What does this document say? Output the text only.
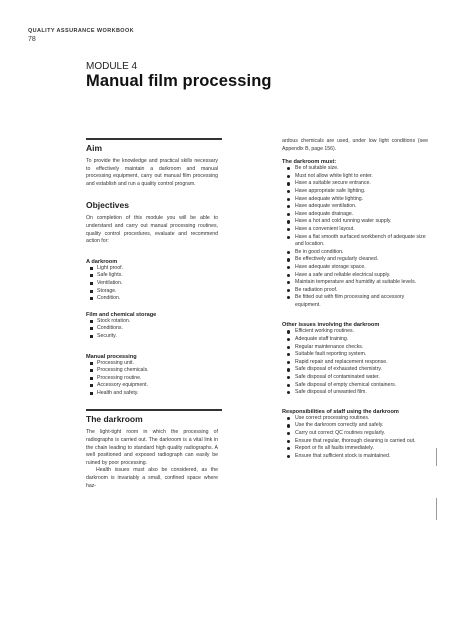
QUALITY ASSURANCE WORKBOOK
78
MODULE 4
Manual film processing
Aim

To provide the knowledge and practical skills necessary to effectively maintain a darkroom and manual processing equipment, carry out manual film processing and establish and run a quality control program.

Objectives

On completion of this module you will be able to understand and carry out manual processing routines, quality control procedures, evaluate and recommend action for:

A darkroom
Light proof.
Safe lights.
Ventilation.
Storage.
Condition.
Film and chemical storage
Stock rotation.
Conditions.
Security.
Manual processing
Processing unit.
Processing chemicals.
Processing routine.
Accessory equipment.
Health and safety.
The darkroom

The light-tight room in which the processing of radiographs is carried out. The darkroom is a vital link in the chain leading to standard high quality radiographs. A well positioned and exposed radiograph can easily be ruined by poor processing.

Health issues must also be considered, as the darkroom is invariably a small, confined space where haz-

ardous chemicals are used, under low light conditions (see Appendix B, page 156).

The darkroom must:
Be of suitable size.
Must not allow white light to enter.
Have a suitable secure entrance.
Have appropriate safe lighting.
Have adequate white lighting.
Have adequate ventilation.
Have adequate drainage.
Have a hot and cold running water supply.
Have a convenient layout.
Have a flat smooth surfaced workbench of adequate size and location.
Be in good condition.
Be effectively and regularly cleaned.
Have adequate storage space.
Have a safe and reliable electrical supply.
Maintain temperature and humidity at suitable levels.
Be radiation proof.
Be fitted out with film processing and accessory equipment.
Other issues involving the darkroom
Efficient working routines.
Adequate staff training.
Regular maintenance checks.
Suitable fault reporting system.
Rapid repair and replacement response.
Safe disposal of exhausted chemistry.
Safe disposal of contaminated water.
Safe disposal of empty chemical containers.
Safe disposal of unwanted film.
Responsibilities of staff using the darkroom
Use correct processing routines.
Use the darkroom correctly and safely.
Carry out correct QC routines regularly.
Ensure that regular, thorough cleaning is carried out.
Report or fix all faults immediately.
Ensure that sufficient stock is maintained.
